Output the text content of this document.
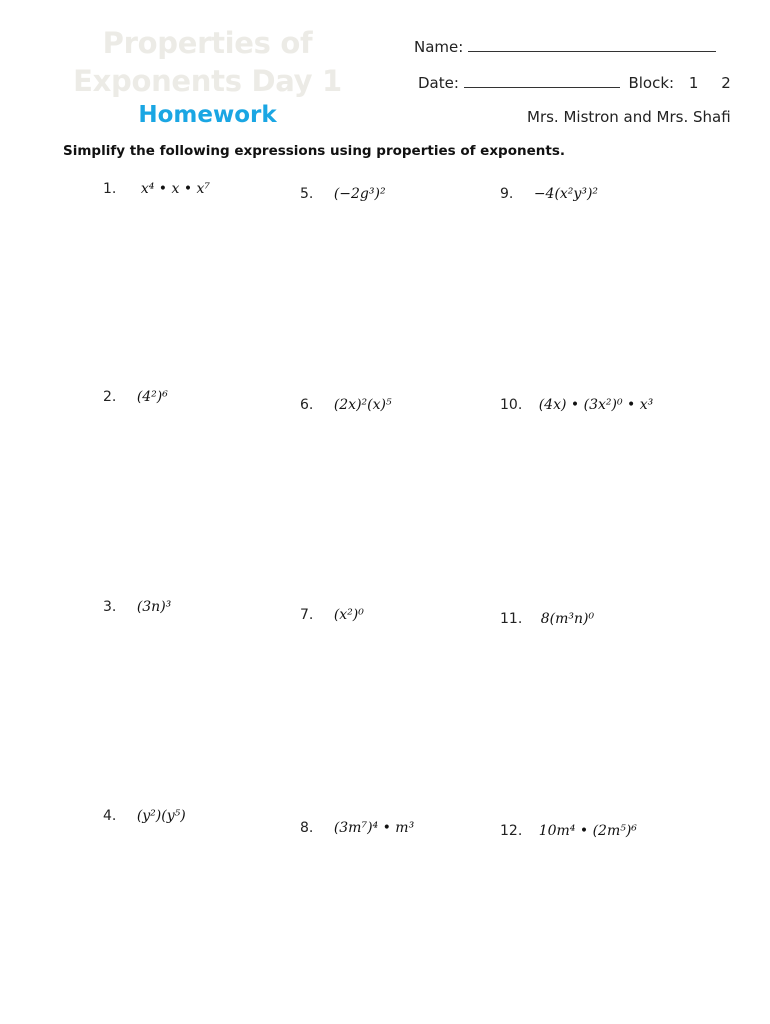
Properties of
Exponents Day 1
Homework
Name:
Date:	Block: 1 2
Mrs. Mistron and Mrs. Shafi
Simplify the following expressions using properties of exponents.
1. x⁴ • x • x⁷
2. (4²)⁶
3. (3n)³
4. (y²)(y⁵)
5. (−2g³)²
6. (2x)²(x)⁵
7. (x²)⁰
8. (3m⁷)⁴ • m³
9. −4(x²y³)²
10. (4x) • (3x²)⁰ • x³
11. 8(m³n)⁰
12. 10m⁴ • (2m⁵)⁶
